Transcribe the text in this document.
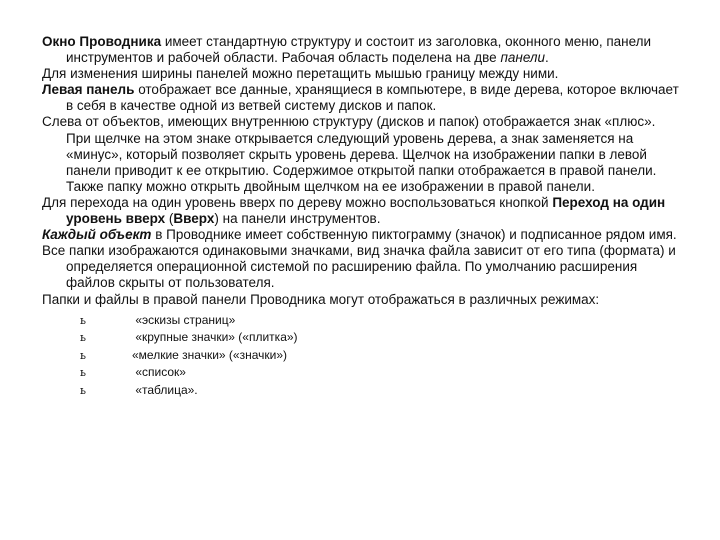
Окно Проводника имеет стандартную структуру и состоит из заголовка, оконного меню, панели инструментов и рабочей области. Рабочая область поделена на две панели.

Для изменения ширины панелей можно перетащить мышью границу между ними.

Левая панель отображает все данные, хранящиеся в компьютере, в виде дерева, которое включает в себя в качестве одной из ветвей систему дисков и папок.

Слева от объектов, имеющих внутреннюю структуру (дисков и папок) отображается знак «плюс». При щелчке на этом знаке открывается следующий уровень дерева, а знак заменяется на «минус», который позволяет скрыть уровень дерева. Щелчок на изображении папки в левой панели приводит к ее открытию. Содержимое открытой папки отображается в правой панели. Также папку можно открыть двойным щелчком на ее изображении в правой панели.

Для перехода на один уровень вверх по дереву можно воспользоваться кнопкой Переход на один уровень вверх (Вверх) на панели инструментов.

Каждый объект в Проводнике имеет собственную пиктограмму (значок) и подписанное рядом имя.

Все папки изображаются одинаковыми значками, вид значка файла зависит от его типа (формата) и определяется операционной системой по расширению файла. По умолчанию расширения файлов скрыты от пользователя.

Папки и файлы в правой панели Проводника могут отображаться в различных режимах:

ь	«эскизы страниц»
ь	«крупные значки» («плитка»)
ь	«мелкие значки» («значки»)
ь	«список»
ь	«таблица».
